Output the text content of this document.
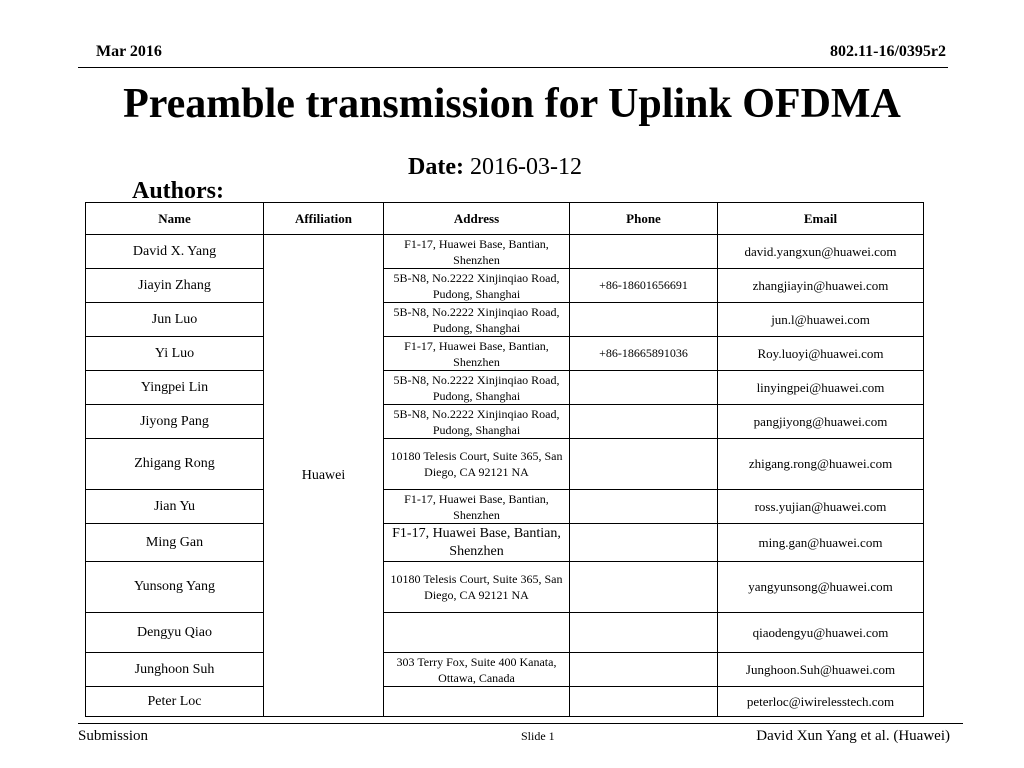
Mar 2016	802.11-16/0395r2
Preamble transmission for Uplink OFDMA
Date: 2016-03-12
Authors:
Name	Affiliation	Address	Phone	Email
David X. Yang	Huawei	F1-17, Huawei Base, Bantian, Shenzhen		david.yangxun@huawei.com
Jiayin Zhang		5B-N8, No.2222 Xinjinqiao Road, Pudong, Shanghai	+86-18601656691	zhangjiayin@huawei.com
Jun Luo		5B-N8, No.2222 Xinjinqiao Road, Pudong, Shanghai		jun.l@huawei.com
Yi Luo		F1-17, Huawei Base, Bantian, Shenzhen	+86-18665891036	Roy.luoyi@huawei.com
Yingpei Lin		5B-N8, No.2222 Xinjinqiao Road, Pudong, Shanghai		linyingpei@huawei.com
Jiyong Pang		5B-N8, No.2222 Xinjinqiao Road, Pudong, Shanghai		pangjiyong@huawei.com
Zhigang Rong		10180 Telesis Court, Suite 365, San Diego, CA 92121 NA		zhigang.rong@huawei.com
Jian Yu		F1-17, Huawei Base, Bantian, Shenzhen		ross.yujian@huawei.com
Ming Gan		F1-17, Huawei Base, Bantian, Shenzhen		ming.gan@huawei.com
Yunsong Yang		10180 Telesis Court, Suite 365, San Diego, CA 92121 NA		yangyunsong@huawei.com
Dengyu Qiao				qiaodengyu@huawei.com
Junghoon Suh		303 Terry Fox, Suite 400 Kanata, Ottawa, Canada		Junghoon.Suh@huawei.com
Peter Loc				peterloc@iwirelesstech.com
Submission	Slide 1	David Xun Yang et al. (Huawei)
